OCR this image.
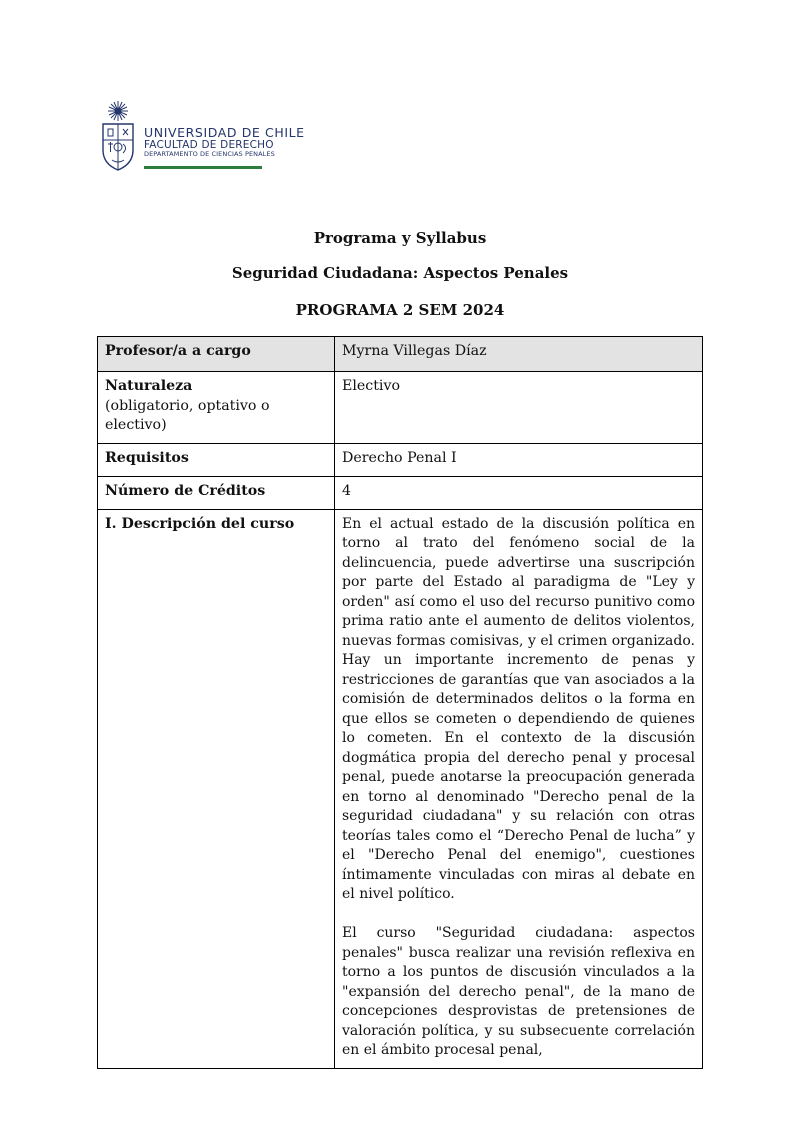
UNIVERSIDAD DE CHILE
FACULTAD DE DERECHO
DEPARTAMENTO DE CIENCIAS PENALES
Programa y Syllabus
Seguridad Ciudadana: Aspectos Penales
PROGRAMA 2 SEM 2024
Profesor/a a cargo	Myrna Villegas Díaz

Naturaleza
(obligatorio, optativo o electivo)	Electivo
Requisitos	Derecho Penal I
Número de Créditos	4
I. Descripción del curso	En el actual estado de la discusión política en torno al trato del fenómeno social de la delincuencia, puede advertirse una suscripción por parte del Estado al paradigma de "Ley y orden" así como el uso del recurso punitivo como prima ratio ante el aumento de delitos violentos, nuevas formas comisivas, y el crimen organizado. Hay un importante incremento de penas y restricciones de garantías que van asociados a la comisión de determinados delitos o la forma en que ellos se cometen o dependiendo de quienes lo cometen. En el contexto de la discusión dogmática propia del derecho penal y procesal penal, puede anotarse la preocupación generada en torno al denominado "Derecho penal de la seguridad ciudadana" y su relación con otras teorías tales como el “Derecho Penal de lucha” y el "Derecho Penal del enemigo", cuestiones íntimamente vinculadas con miras al debate en el nivel político.

El curso "Seguridad ciudadana: aspectos penales" busca realizar una revisión reflexiva en torno a los puntos de discusión vinculados a la "expansión del derecho penal", de la mano de concepciones desprovistas de pretensiones de valoración política, y su subsecuente correlación en el ámbito procesal penal,
